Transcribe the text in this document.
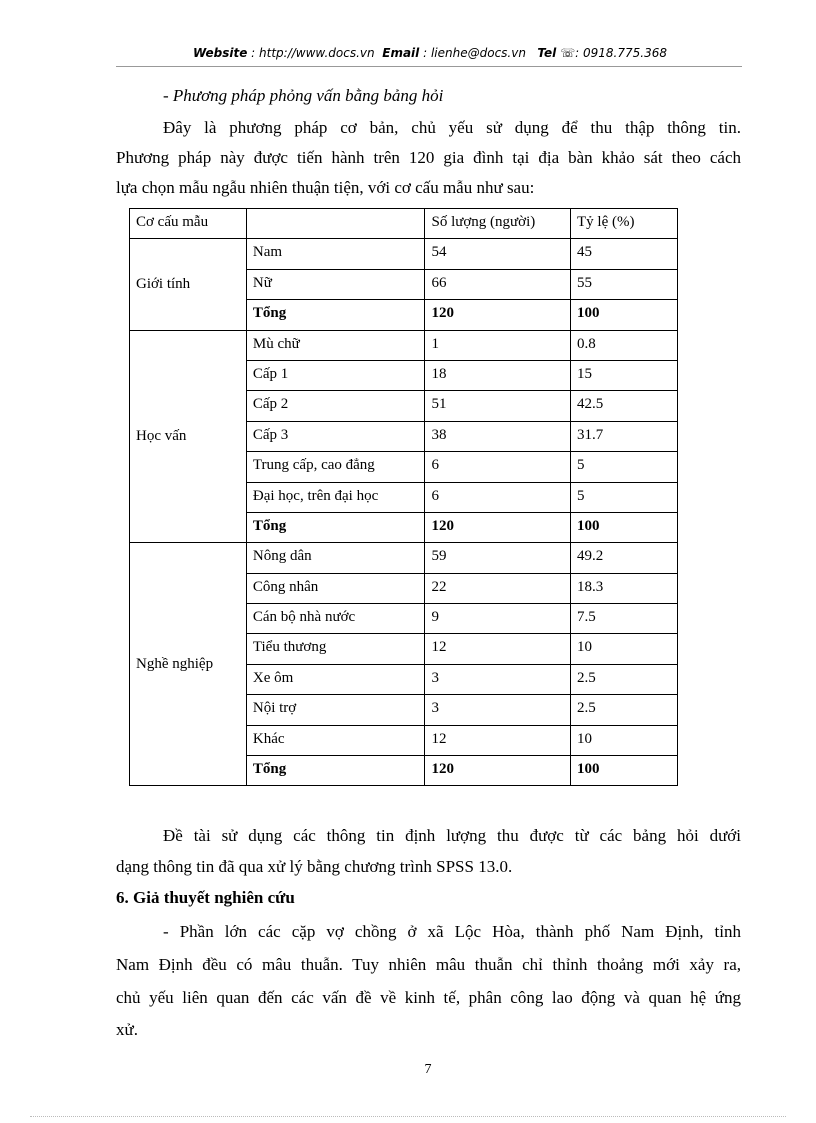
Website : http://www.docs.vn Email : lienhe@docs.vn Tel ☏: 0918.775.368
- Phương pháp phỏng vấn bằng bảng hỏi
Đây là phương pháp cơ bản, chủ yếu sử dụng để thu thập thông tin.
Phương pháp này được tiến hành trên 120 gia đình tại địa bàn khảo sát theo cách
lựa chọn mẫu ngẫu nhiên thuận tiện, với cơ cấu mẫu như sau:
Cơ cấu mẫu		Số lượng (người)	Tỷ lệ (%)
Giới tính	Nam	54	45
	Nữ	66	55
	Tổng	120	100
Học vấn	Mù chữ	1	0.8
	Cấp 1	18	15
	Cấp 2	51	42.5
	Cấp 3	38	31.7
	Trung cấp, cao đẳng	6	5
	Đại học, trên đại học	6	5
	Tổng	120	100
Nghề nghiệp	Nông dân	59	49.2
	Công nhân	22	18.3
	Cán bộ nhà nước	9	7.5
	Tiểu thương	12	10
	Xe ôm	3	2.5
	Nội trợ	3	2.5
	Khác	12	10
	Tổng	120	100
Đề tài sử dụng các thông tin định lượng thu được từ các bảng hỏi dưới
dạng thông tin đã qua xử lý bằng chương trình SPSS 13.0.
6. Giả thuyết nghiên cứu
- Phần lớn các cặp vợ chồng ở xã Lộc Hòa, thành phố Nam Định, tỉnh
Nam Định đều có mâu thuẫn. Tuy nhiên mâu thuẫn chỉ thỉnh thoảng mới xảy ra,
chủ yếu liên quan đến các vấn đề về kinh tế, phân công lao động và quan hệ ứng
xử.
7
